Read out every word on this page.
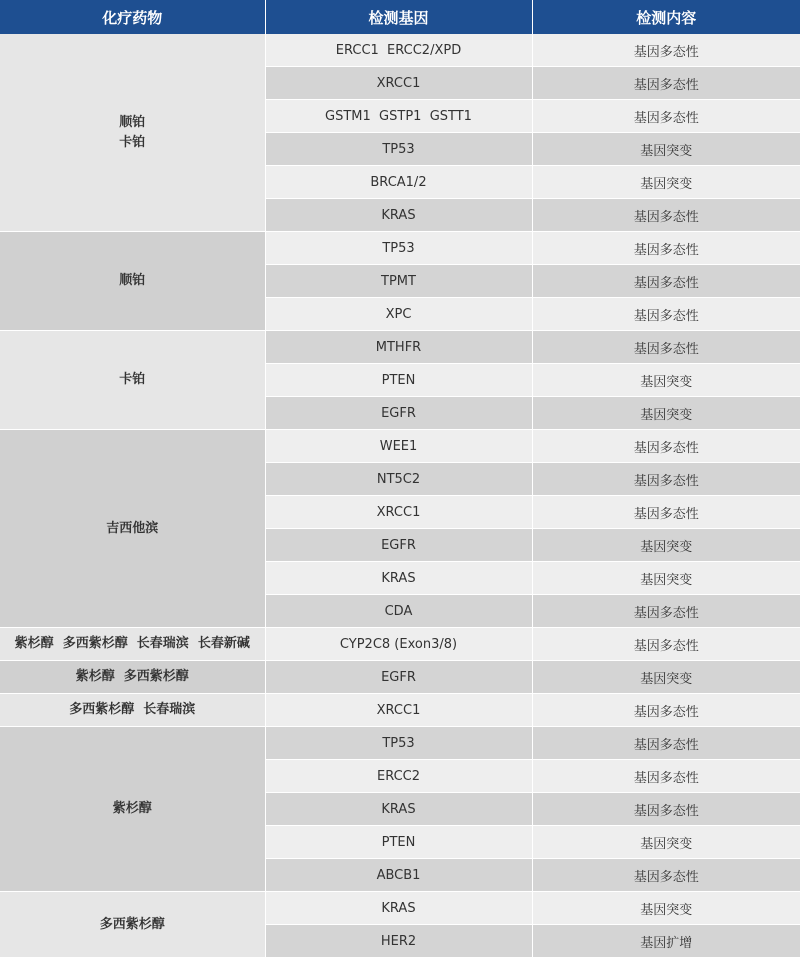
化疗药物	检测基因	检测内容

顺铂
卡铂	ERCC1  ERCC2/XPD	基因多态性
	XRCC1	基因多态性
	GSTM1  GSTP1  GSTT1	基因多态性
	TP53	基因突变
	BRCA1/2	基因突变
	KRAS	基因多态性

顺铂	TP53	基因多态性
	TPMT	基因多态性
	XPC	基因多态性

卡铂	MTHFR	基因多态性
	PTEN	基因突变
	EGFR	基因突变

吉西他滨	WEE1	基因多态性
	NT5C2	基因多态性
	XRCC1	基因多态性
	EGFR	基因突变
	KRAS	基因突变
	CDA	基因多态性

紫杉醇  多西紫杉醇  长春瑞滨  长春新碱	CYP2C8 (Exon3/8)	基因多态性

紫杉醇  多西紫杉醇	EGFR	基因突变

多西紫杉醇  长春瑞滨	XRCC1	基因多态性

紫杉醇	TP53	基因多态性
	ERCC2	基因多态性
	KRAS	基因多态性
	PTEN	基因突变
	ABCB1	基因多态性

多西紫杉醇	KRAS	基因突变
	HER2	基因扩增
